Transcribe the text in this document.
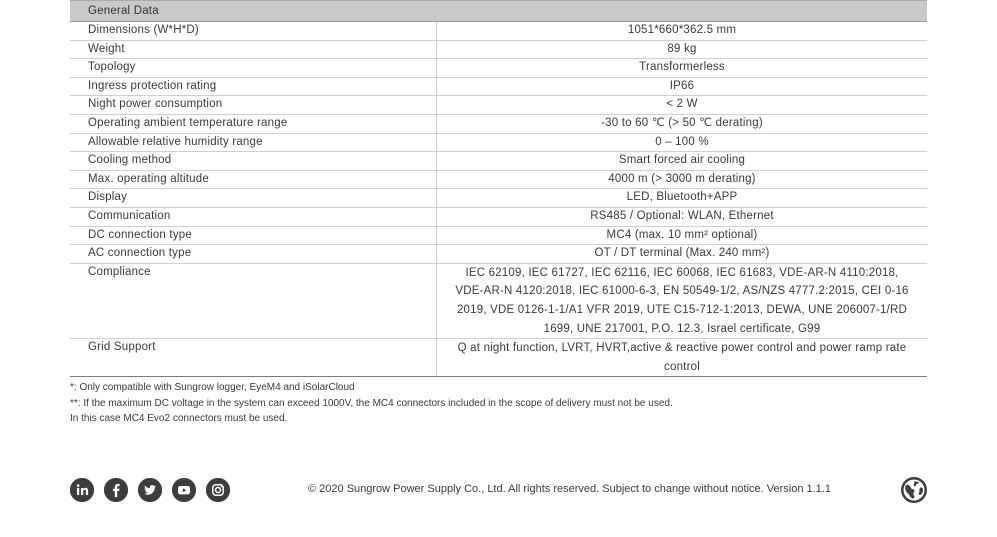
General Data	
Dimensions (W*H*D)	1051*660*362.5 mm
Weight	89 kg
Topology	Transformerless
Ingress protection rating	IP66
Night power consumption	< 2 W
Operating ambient temperature range	-30 to 60 ℃ (> 50 ℃ derating)
Allowable relative humidity range	0 – 100 %
Cooling method	Smart forced air cooling
Max. operating altitude	4000 m (> 3000 m derating)
Display	LED, Bluetooth+APP
Communication	RS485 / Optional: WLAN, Ethernet
DC connection type	MC4 (max. 10 mm² optional)
AC connection type	OT / DT terminal (Max. 240 mm²)
Compliance	IEC 62109, IEC 61727, IEC 62116, IEC 60068, IEC 61683, VDE-AR-N 4110:2018, VDE-AR-N 4120:2018, IEC 61000-6-3, EN 50549-1/2, AS/NZS 4777.2:2015, CEI 0-16 2019, VDE 0126-1-1/A1 VFR 2019, UTE C15-712-1:2013, DEWA, UNE 206007-1/RD 1699, UNE 217001, P.O. 12.3, Israel certificate, G99
Grid Support	Q at night function, LVRT, HVRT,active & reactive power control and power ramp rate control
*: Only compatible with Sungrow logger, EyeM4 and iSolarCloud
**: If the maximum DC voltage in the system can exceed 1000V, the MC4 connectors included in the scope of delivery must not be used.
In this case MC4 Evo2 connectors must be used.
© 2020 Sungrow Power Supply Co., Ltd. All rights reserved. Subject to change without notice. Version 1.1.1
